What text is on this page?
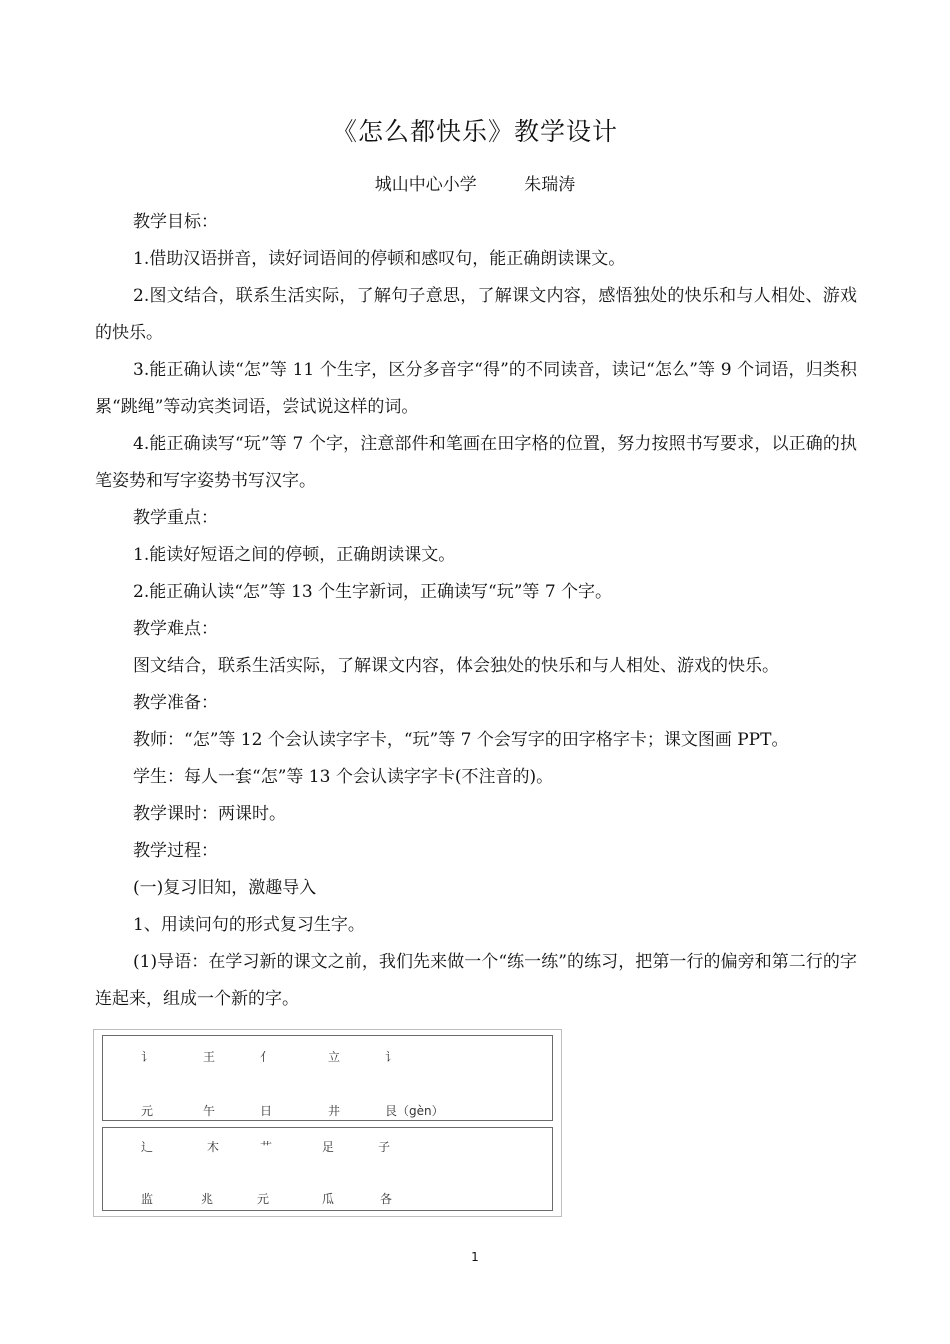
《怎么都快乐》教学设计
城山中心小学	朱瑞涛

教学目标：

1.借助汉语拼音，读好词语间的停顿和感叹句，能正确朗读课文。

2.图文结合，联系生活实际，了解句子意思，了解课文内容，感悟独处的快乐和与人相处、游戏的快乐。

3.能正确认读“怎”等 11 个生字，区分多音字“得”的不同读音，读记“怎么”等 9 个词语，归类积累“跳绳”等动宾类词语，尝试说这样的词。

4.能正确读写“玩”等 7 个字，注意部件和笔画在田字格的位置，努力按照书写要求，以正确的执笔姿势和写字姿势书写汉字。

教学重点：

1.能读好短语之间的停顿，正确朗读课文。

2.能正确认读“怎”等 13 个生字新词，正确读写“玩”等 7 个字。

教学难点：

图文结合，联系生活实际，了解课文内容，体会独处的快乐和与人相处、游戏的快乐。

教学准备：

教师：“怎”等 12 个会认读字字卡，“玩”等 7 个会写字的田字格字卡；课文图画 PPT。

学生：每人一套“怎”等 13 个会认读字字卡(不注音的)。

教学课时：两课时。

教学过程：

(一)复习旧知，激趣导入

1、用读问句的形式复习生字。

(1)导语：在学习新的课文之前，我们先来做一个“练一练”的练习，把第一行的偏旁和第二行的字连起来，组成一个新的字。

讠	王	亻	立	讠
元	午	日	井	艮（gèn）
辶	木	艹	足	子
监	兆	元	瓜	各
1
